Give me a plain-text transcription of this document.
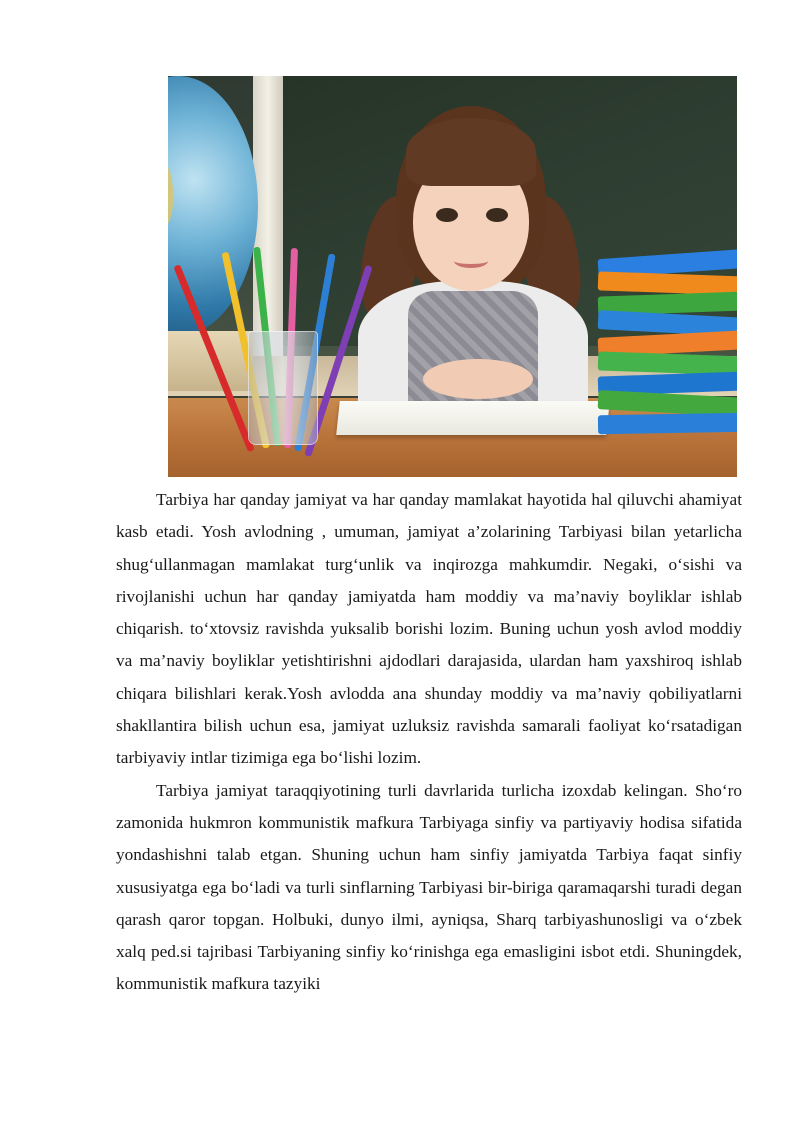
Tarbiya har qanday jamiyat va har qanday mamlakat hayotida hal qiluvchi ahamiyat kasb etadi. Yosh avlodning , umuman, jamiyat a’zolarining Tarbiyasi bilan yetarlicha shug‘ullanmagan mamlakat turg‘unlik va inqirozga mahkumdir. Negaki, o‘sishi va rivojlanishi uchun har qanday jamiyatda ham moddiy va ma’naviy boyliklar ishlab chiqarish. to‘xtovsiz ravishda yuksalib borishi lozim. Buning uchun yosh avlod moddiy va ma’naviy boyliklar yetishtirishni ajdodlari darajasida, ulardan ham yaxshiroq ishlab chiqara bilishlari kerak.Yosh avlodda ana shunday moddiy va ma’naviy qobiliyatlarni shakllantira bilish uchun esa, jamiyat uzluksiz ravishda samarali faoliyat ko‘rsatadigan tarbiyaviy intlar tizimiga ega bo‘lishi lozim.

Tarbiya jamiyat taraqqiyotining turli davrlarida turlicha izoxdab kelingan. Sho‘ro zamonida hukmron kommunistik mafkura Tarbiyaga sinfiy va partiyaviy hodisa sifatida yondashishni talab etgan. Shuning uchun ham sinfiy jamiyatda Tarbiya faqat sinfiy xususiyatga ega bo‘ladi va turli sinflarning Tarbiyasi bir-biriga qaramaqarshi turadi degan qarash qaror topgan. Holbuki, dunyo ilmi, ayniqsa, Sharq tarbiyashunosligi va o‘zbek xalq ped.si tajribasi Tarbiyaning sinfiy ko‘rinishga ega emasligini isbot etdi. Shuningdek, kommunistik mafkura tazyiki
